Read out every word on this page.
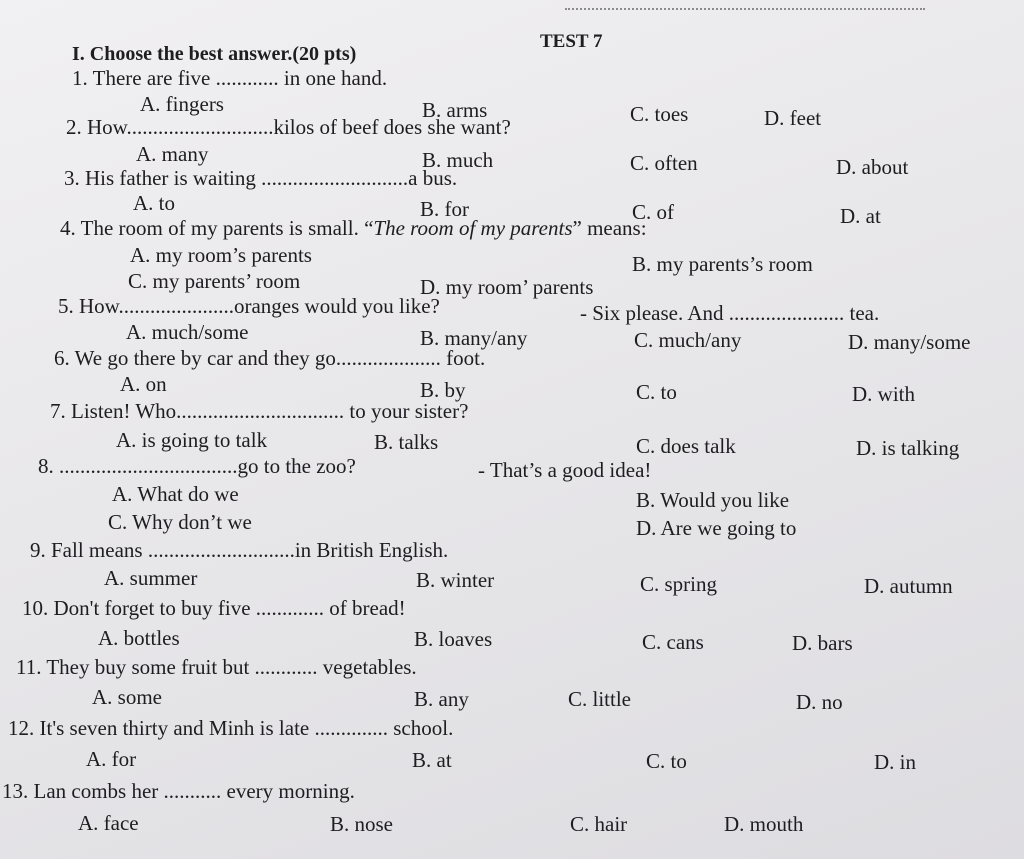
TEST 7
I. Choose the best answer.(20 pts)
1. There are five ............ in one hand.
A. fingers	B. arms	C. toes	D. feet
2. How............................kilos of beef does she want?
A. many	B. much	C. often	D. about
3. His father is waiting ............................a bus.
A. to	B. for	C. of	D. at
4. The room of my parents is small. “The room of my parents” means:
A. my room’s parents	B. my parents’s room
C. my parents’ room	D. my room’ parents
5. How......................oranges would you like?	- Six please. And ...................... tea.
A. much/some	B. many/any	C. much/any	D. many/some
6. We go there by car and they go.................... foot.
A. on	B. by	C. to	D. with
7. Listen! Who................................ to your sister?
A. is going to talk	B. talks	C. does talk	D. is talking
8. ..................................go to the zoo?	- That’s a good idea!
A. What do we	B. Would you like
C. Why don’t we	D. Are we going to
9. Fall means ............................in British English.
A. summer	B. winter	C. spring	D. autumn
10. Don't forget to buy five ............. of bread!
A. bottles	B. loaves	C. cans	D. bars
11. They buy some fruit but ............ vegetables.
A. some	B. any	C. little	D. no
12. It's seven thirty and Minh is late .............. school.
A. for	B. at	C. to	D. in
13. Lan combs her ........... every morning.
A. face	B. nose	C. hair	D. mouth
